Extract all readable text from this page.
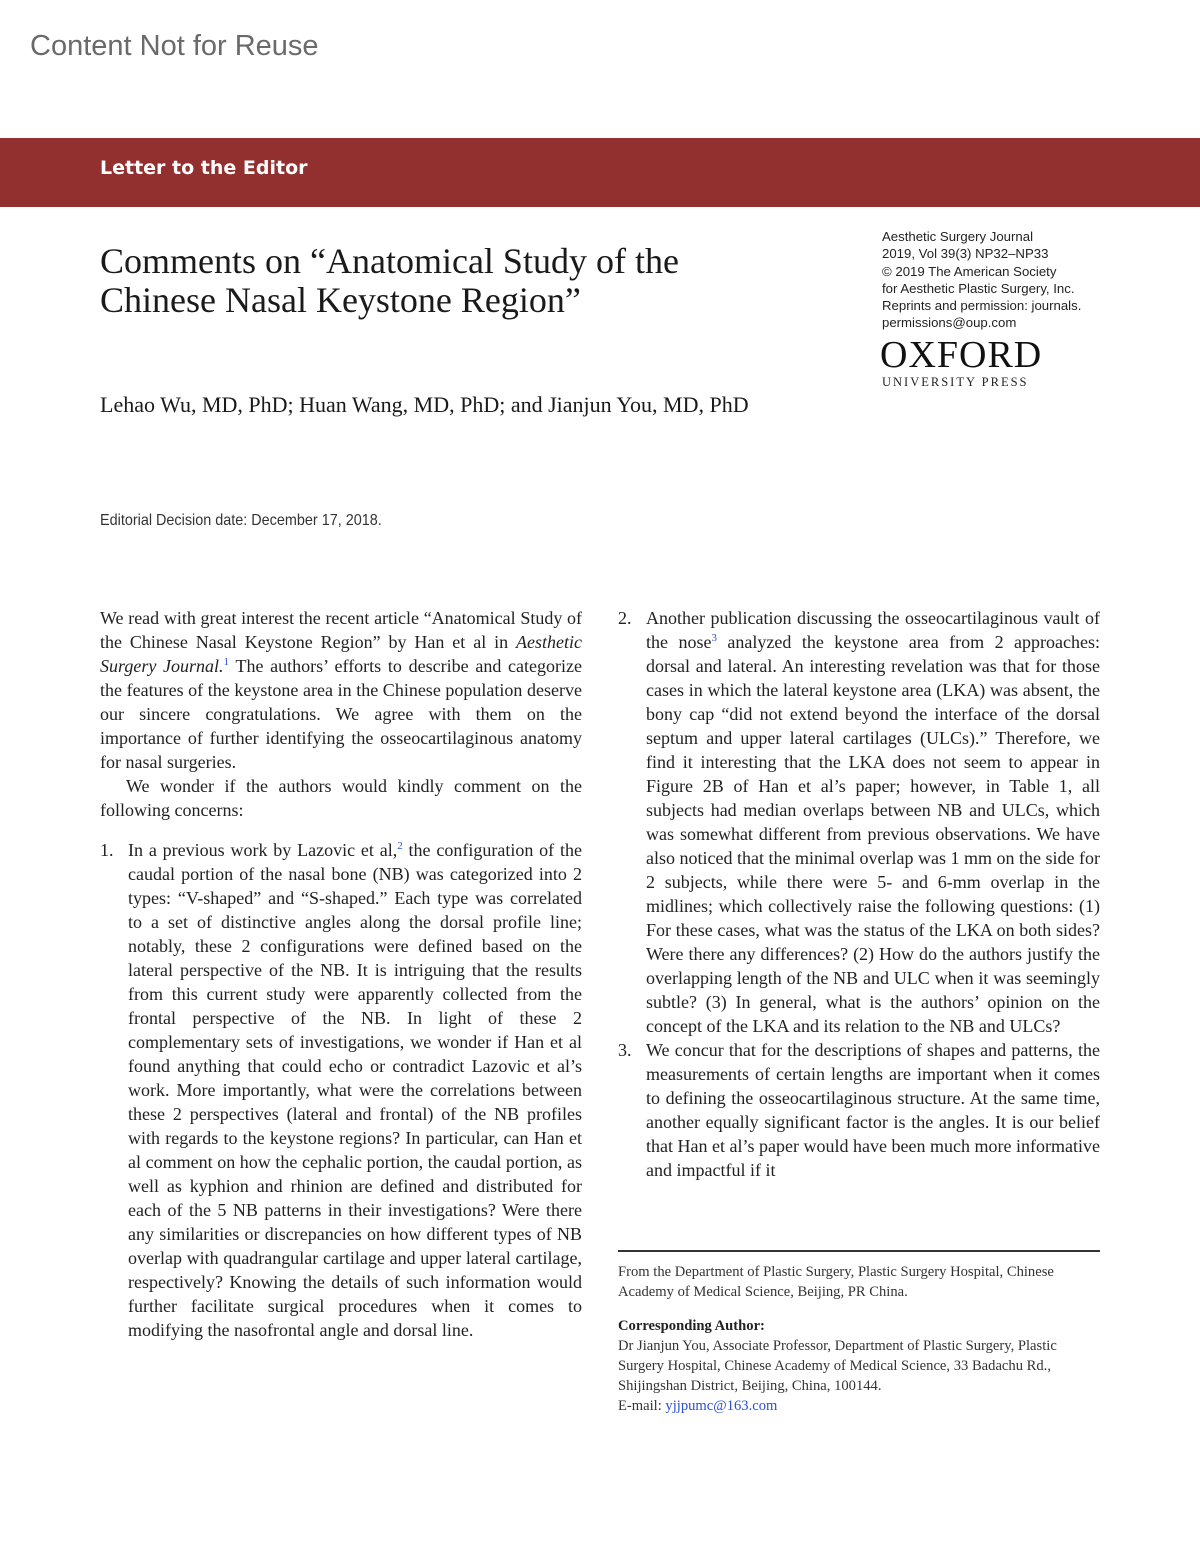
Content Not for Reuse
Letter to the Editor
Comments on “Anatomical Study of the
Chinese Nasal Keystone Region”
Lehao Wu, MD, PhD; Huan Wang, MD, PhD; and Jianjun You, MD, PhD
Aesthetic Surgery Journal
2019, Vol 39(3) NP32–NP33
© 2019 The American Society
for Aesthetic Plastic Surgery, Inc.
Reprints and permission: journals.
permissions@oup.com
OXFORD
UNIVERSITY PRESS
Editorial Decision date: December 17, 2018.

We read with great interest the recent article “Anatomical Study of the Chinese Nasal Keystone Region” by Han et al in Aesthetic Surgery Journal.$^1$ The authors’ efforts to describe and categorize the features of the keystone area in the Chinese population deserve our sincere congratulations. We agree with them on the importance of further identifying the osseocartilaginous anatomy for nasal surgeries.

We wonder if the authors would kindly comment on the following concerns:

1. In a previous work by Lazovic et al,$^2$ the configuration of the caudal portion of the nasal bone (NB) was categorized into 2 types: “V-shaped” and “S-shaped.” Each type was correlated to a set of distinctive angles along the dorsal profile line; notably, these 2 configurations were defined based on the lateral perspective of the NB. It is intriguing that the results from this current study were apparently collected from the frontal perspective of the NB. In light of these 2 complementary sets of investigations, we wonder if Han et al found anything that could echo or contradict Lazovic et al’s work. More importantly, what were the correlations between these 2 perspectives (lateral and frontal) of the NB profiles with regards to the keystone regions? In particular, can Han et al comment on how the cephalic portion, the caudal portion, as well as kyphion and rhinion are defined and distributed for each of the 5 NB patterns in their investigations? Were there any similarities or discrepancies on how different types of NB overlap with quadrangular cartilage and upper lateral cartilage, respectively? Knowing the details of such information would further facilitate surgical procedures when it comes to modifying the nasofrontal angle and dorsal line.

2. Another publication discussing the osseocartilaginous vault of the nose$^3$ analyzed the keystone area from 2 approaches: dorsal and lateral. An interesting revelation was that for those cases in which the lateral keystone area (LKA) was absent, the bony cap “did not extend beyond the interface of the dorsal septum and upper lateral cartilages (ULCs).” Therefore, we find it interesting that the LKA does not seem to appear in Figure 2B of Han et al’s paper; however, in Table 1, all subjects had median overlaps between NB and ULCs, which was somewhat different from previous observations. We have also noticed that the minimal overlap was 1 mm on the side for 2 subjects, while there were 5- and 6-mm overlap in the midlines; which collectively raise the following questions: (1) For these cases, what was the status of the LKA on both sides? Were there any differences? (2) How do the authors justify the overlapping length of the NB and ULC when it was seemingly subtle? (3) In general, what is the authors’ opinion on the concept of the LKA and its relation to the NB and ULCs?

3. We concur that for the descriptions of shapes and patterns, the measurements of certain lengths are important when it comes to defining the osseocartilaginous structure. At the same time, another equally significant factor is the angles. It is our belief that Han et al’s paper would have been much more informative and impactful if it

From the Department of Plastic Surgery, Plastic Surgery Hospital, Chinese Academy of Medical Science, Beijing, PR China.

Corresponding Author:

Dr Jianjun You, Associate Professor, Department of Plastic Surgery, Plastic Surgery Hospital, Chinese Academy of Medical Science, 33 Badachu Rd., Shijingshan District, Beijing, China, 100144.

E-mail: yjjpumc@163.com
